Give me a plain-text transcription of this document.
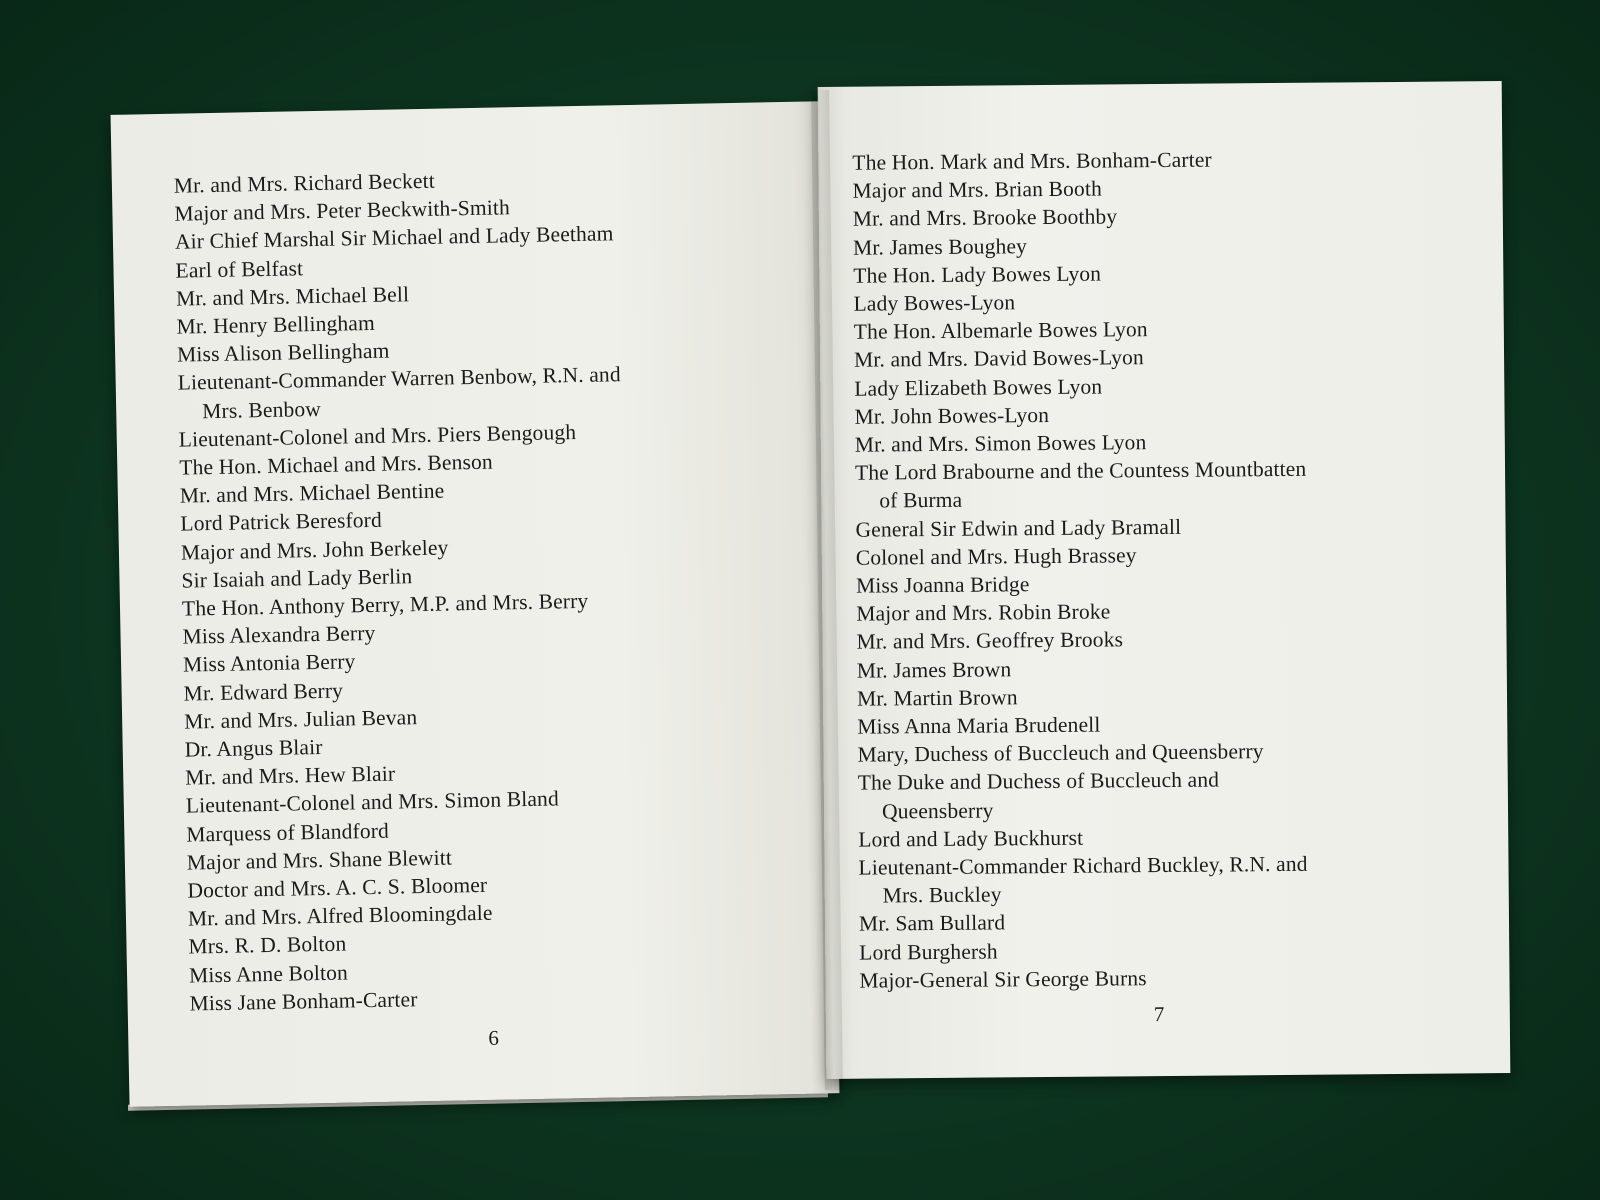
Mr. and Mrs. Richard Beckett
Major and Mrs. Peter Beckwith-Smith
Air Chief Marshal Sir Michael and Lady Beetham
Earl of Belfast
Mr. and Mrs. Michael Bell
Mr. Henry Bellingham
Miss Alison Bellingham
Lieutenant-Commander Warren Benbow, R.N. and
Mrs. Benbow
Lieutenant-Colonel and Mrs. Piers Bengough
The Hon. Michael and Mrs. Benson
Mr. and Mrs. Michael Bentine
Lord Patrick Beresford
Major and Mrs. John Berkeley
Sir Isaiah and Lady Berlin
The Hon. Anthony Berry, M.P. and Mrs. Berry
Miss Alexandra Berry
Miss Antonia Berry
Mr. Edward Berry
Mr. and Mrs. Julian Bevan
Dr. Angus Blair
Mr. and Mrs. Hew Blair
Lieutenant-Colonel and Mrs. Simon Bland
Marquess of Blandford
Major and Mrs. Shane Blewitt
Doctor and Mrs. A. C. S. Bloomer
Mr. and Mrs. Alfred Bloomingdale
Mrs. R. D. Bolton
Miss Anne Bolton
Miss Jane Bonham-Carter
6
The Hon. Mark and Mrs. Bonham-Carter
Major and Mrs. Brian Booth
Mr. and Mrs. Brooke Boothby
Mr. James Boughey
The Hon. Lady Bowes Lyon
Lady Bowes-Lyon
The Hon. Albemarle Bowes Lyon
Mr. and Mrs. David Bowes-Lyon
Lady Elizabeth Bowes Lyon
Mr. John Bowes-Lyon
Mr. and Mrs. Simon Bowes Lyon
The Lord Brabourne and the Countess Mountbatten
of Burma
General Sir Edwin and Lady Bramall
Colonel and Mrs. Hugh Brassey
Miss Joanna Bridge
Major and Mrs. Robin Broke
Mr. and Mrs. Geoffrey Brooks
Mr. James Brown
Mr. Martin Brown
Miss Anna Maria Brudenell
Mary, Duchess of Buccleuch and Queensberry
The Duke and Duchess of Buccleuch and
Queensberry
Lord and Lady Buckhurst
Lieutenant-Commander Richard Buckley, R.N. and
Mrs. Buckley
Mr. Sam Bullard
Lord Burghersh
Major-General Sir George Burns
7
